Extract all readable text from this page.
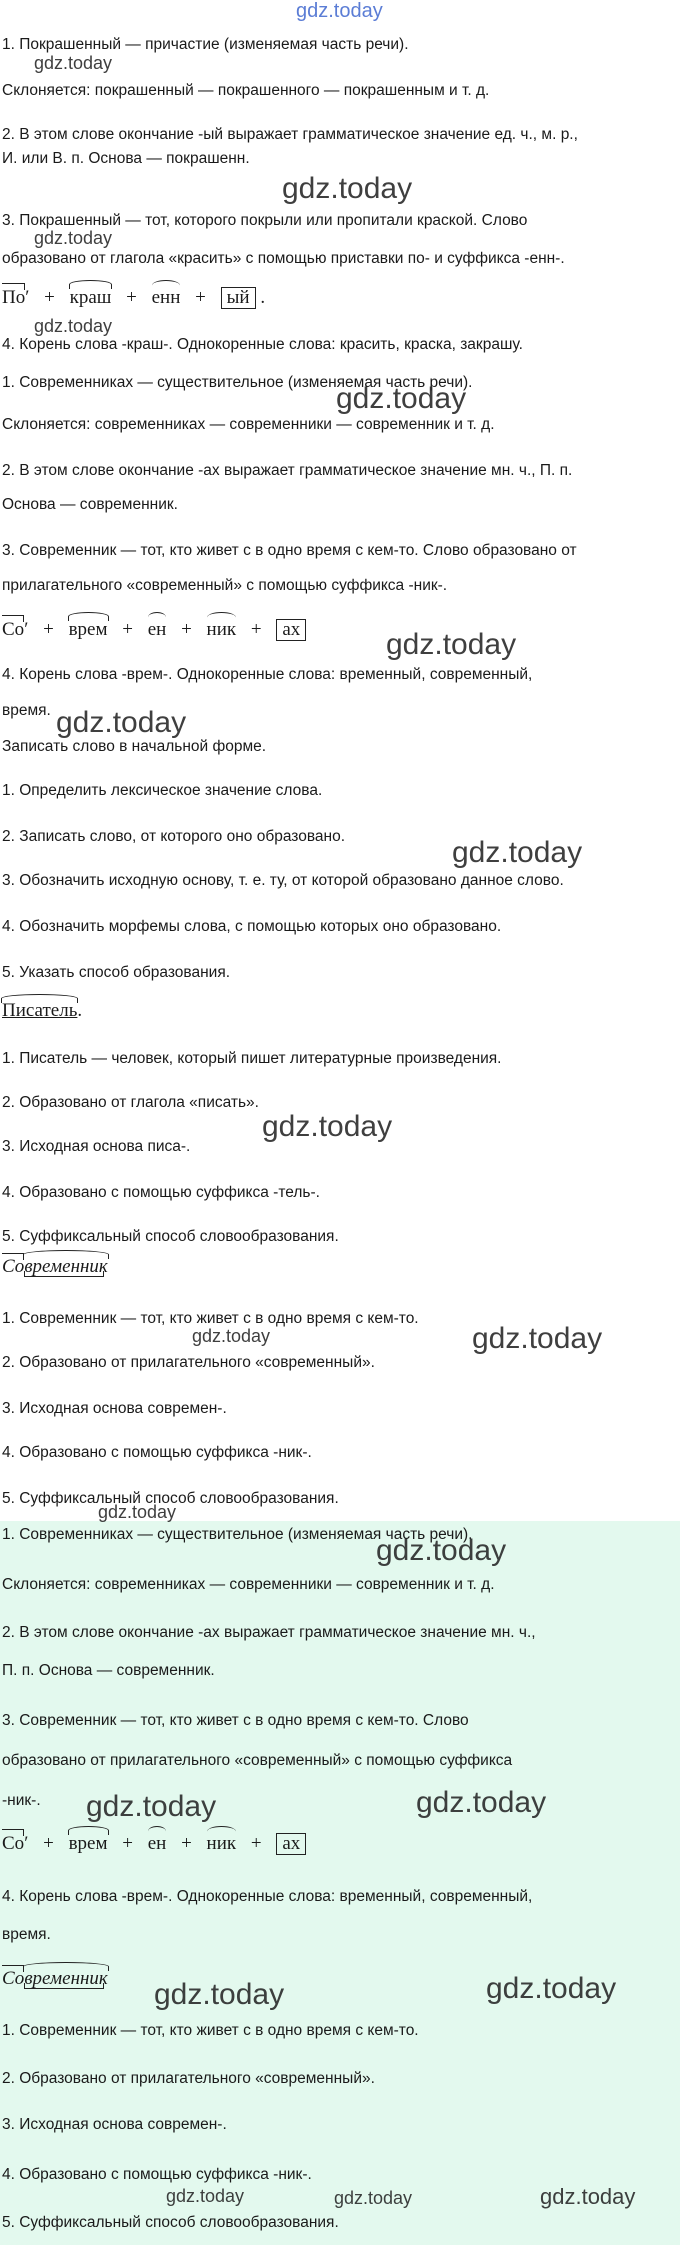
gdz.today
1. Покрашенный — причастие (изменяемая часть речи).
gdz.today
Склоняется: покрашенный — покрашенного — покрашенным и т. д.
2. В этом слове окончание -ый выражает грамматическое значение ед. ч., м. р.,
И. или В. п. Основа — покрашенн.
gdz.today
3. Покрашенный — тот, которого покрыли или пропитали краской. Слово
gdz.today
образовано от глагола «красить» с помощью приставки по- и суффикса -енн-.
По′ + краш + енн + ый .
gdz.today
4. Корень слова -краш-. Однокоренные слова: красить, краска, закрашу.
1. Современниках — существительное (изменяемая часть речи).
gdz.today
Склоняется: современниках — современники — современник и т. д.
2. В этом слове окончание -ах выражает грамматическое значение мн. ч., П. п.
Основа — современник.
3. Современник — тот, кто живет с в одно время с кем-то. Слово образовано от
прилагательного «современный» с помощью суффикса -ник-.
Со′ + врем + ен + ник + ах	gdz.today
4. Корень слова -врем-. Однокоренные слова: временный, современный,
время. gdz.today
Записать слово в начальной форме.
1. Определить лексическое значение слова.
2. Записать слово, от которого оно образовано.	gdz.today
3. Обозначить исходную основу, т. е. ту, от которой образовано данное слово.
4. Обозначить морфемы слова, с помощью которых оно образовано.
5. Указать способ образования.
Писатель.
1. Писатель — человек, который пишет литературные произведения.
2. Образовано от глагола «писать».
gdz.today
3. Исходная основа писа-.
4. Образовано с помощью суффикса -тель-.
5. Суффиксальный способ словообразования.
Современник
1. Современник — тот, кто живет с в одно время с кем-то.
gdz.today	gdz.today
2. Образовано от прилагательного «современный».
3. Исходная основа современ-.
4. Образовано с помощью суффикса -ник-.
5. Суффиксальный способ словообразования.
gdz.today
1. Современниках — существительное (изменяемая часть речи).
gdz.today
Склоняется: современниках — современники — современник и т. д.
2. В этом слове окончание -ах выражает грамматическое значение мн. ч.,
П. п. Основа — современник.
3. Современник — тот, кто живет с в одно время с кем-то. Слово
образовано от прилагательного «современный» с помощью суффикса
-ник-.	gdz.today	gdz.today
Со′ + врем + ен + ник + ах
4. Корень слова -врем-. Однокоренные слова: временный, современный,
время.
Современник gdz.today	gdz.today
1. Современник — тот, кто живет с в одно время с кем-то.
2. Образовано от прилагательного «современный».
3. Исходная основа современ-.
4. Образовано с помощью суффикса -ник-.
gdz.today	gdz.today	gdz.today
5. Суффиксальный способ словообразования.
